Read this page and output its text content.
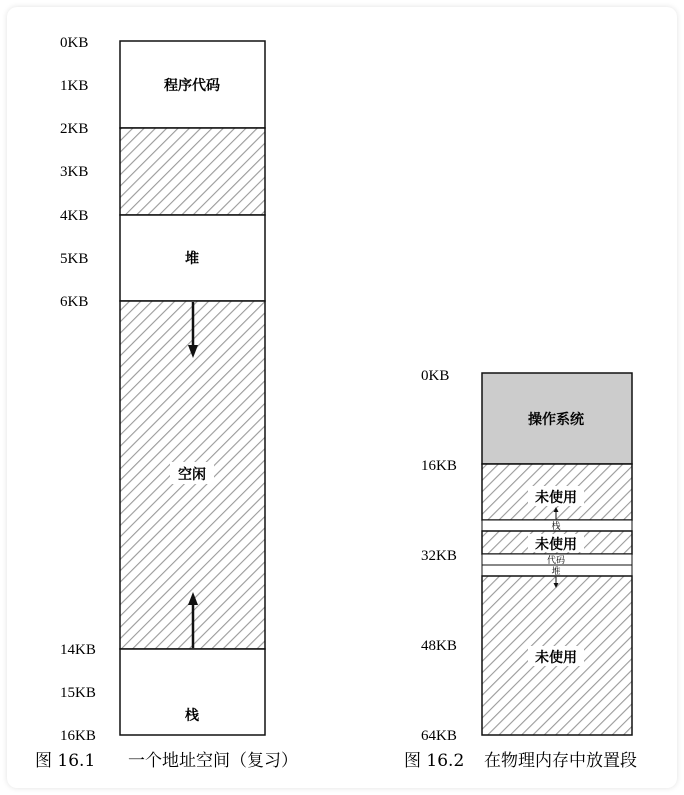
0KB
1KB
2KB
3KB
4KB
5KB
6KB
14KB
15KB
16KB
程序代码
堆
空闲
栈
图 16.1 一个地址空间（复习）
0KB
16KB
32KB
48KB
64KB
操作系统
未使用
栈
未使用
代码
堆
未使用
图 16.2 在物理内存中放置段
